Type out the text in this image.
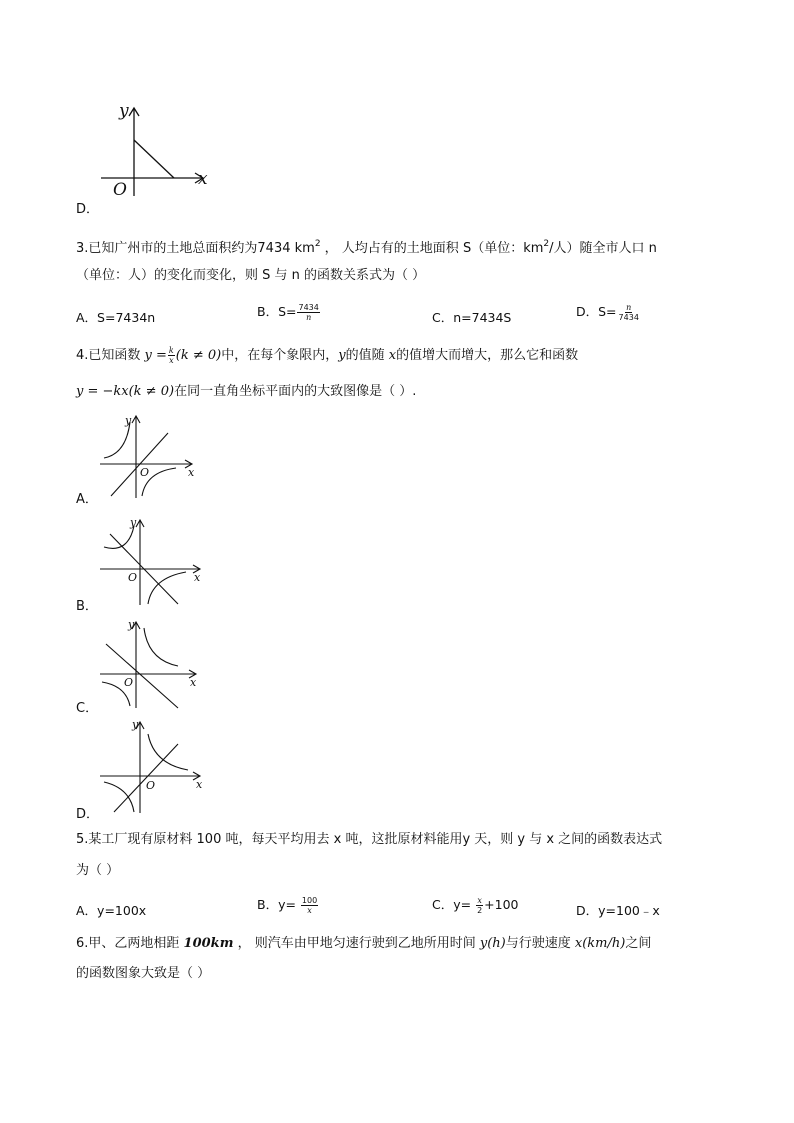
x
y
O
D．
3.已知广州市的土地总面积约为7434 $km^2$ ， 人均占有的土地面积 S（单位：$km^2/$人）随全市人口 n
（单位：人）的变化而变化，则 S 与 n 的函数关系式为（ ）
A．S=7434n	B．$S= \frac{7434}{n}$	C．n=7434S	D．$S= \frac{n}{7434}$
4.已知函数 $y = \frac{k}{x} (k \ne 0)$中，在每个象限内，y的值随 x的值增大而增大，那么它和函数
y = −kx(k ≠ 0)在同一直角坐标平面内的大致图像是（ ）.
y
x
O
A．
y
x
O
B．
y
x
O
C．
y
x
O
D．
5.某工厂现有原材料 100 吨，每天平均用去 x 吨，这批原材料能用y 天，则 y 与 x 之间的函数表达式
为（ ）
A．y=100x	B．$y= \frac{100}{x}$	C．$y= \frac{x}{2} +100$	D．y=100﹣x
6.甲、乙两地相距 100km ， 则汽车由甲地匀速行驶到乙地所用时间 y(h)与行驶速度 x(km/h)之间
的函数图象大致是（ ）
